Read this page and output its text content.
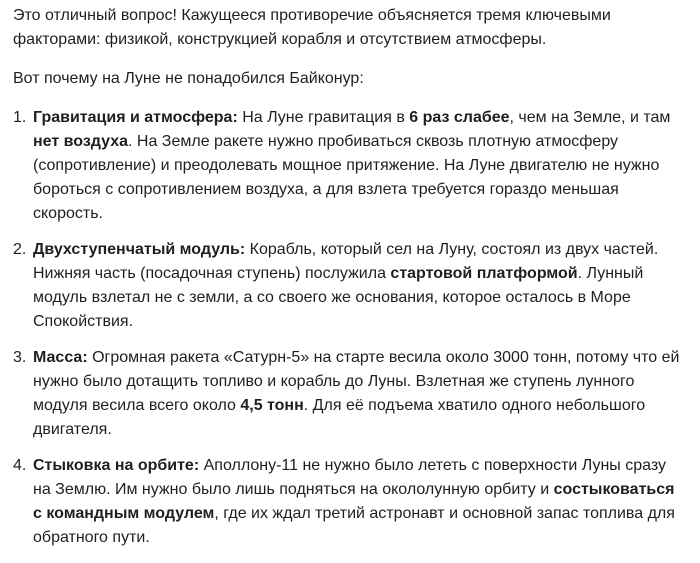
Это отличный вопрос! Кажущееся противоречие объясняется тремя ключевыми
факторами: физикой, конструкцией корабля и отсутствием атмосферы.

Вот почему на Луне не понадобился Байконур:

1. Гравитация и атмосфера: На Луне гравитация в 6 раз слабее, чем на Земле, и там нет воздуха. На Земле ракете нужно пробиваться сквозь плотную атмосферу (сопротивление) и преодолевать мощное притяжение. На Луне двигателю не нужно бороться с сопротивлением воздуха, а для взлета требуется гораздо меньшая скорость.
2. Двухступенчатый модуль: Корабль, который сел на Луну, состоял из двух частей. Нижняя часть (посадочная ступень) послужила стартовой платформой. Лунный модуль взлетал не с земли, а со своего же основания, которое осталось в Море Спокойствия.
3. Масса: Огромная ракета «Сатурн-5» на старте весила около 3000 тонн, потому что ей нужно было дотащить топливо и корабль до Луны. Взлетная же ступень лунного модуля весила всего около 4,5 тонн. Для её подъема хватило одного небольшого двигателя.
4. Стыковка на орбите: Аполлону-11 не нужно было лететь с поверхности Луны сразу на Землю. Им нужно было лишь подняться на окололунную орбиту и состыковаться с командным модулем, где их ждал третий астронавт и основной запас топлива для обратного пути.
